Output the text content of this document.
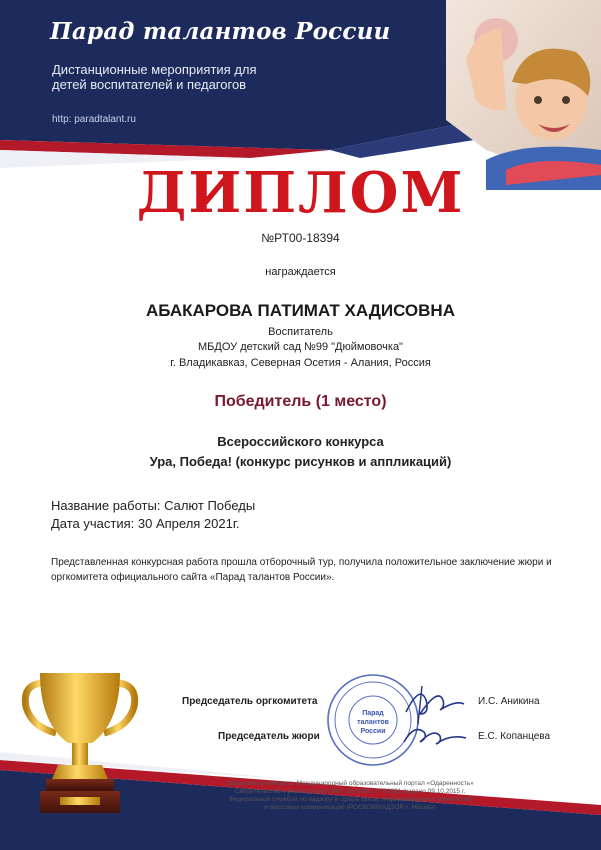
Парад талантов России
Дистанционные мероприятия для детей воспитателей и педагогов
http: paradtalant.ru
ДИПЛОМ
№РТ00-18394
награждается
АБАКАРОВА ПАТИМАТ ХАДИСОВНА
Воспитатель
МБДОУ детский сад №99 "Дюймовочка"
г. Владикавказ, Северная Осетия - Алания, Россия
Победитель (1 место)
Всероссийского конкурса
Ура, Победа! (конкурс рисунков и аппликаций)
Название работы: Салют Победы
Дата участия: 30 Апреля 2021г.
Представленная конкурсная работа прошла отборочный тур, получила положительное заключение жюри и оргкомитета официального сайта «Парад талантов России».
Председатель оргкомитета	И.С. Аникина
Председатель жюри	Е.С. Копанцева
Парад
талантов
России
Организатор конкурса: Международный образовательный портал «Одаренность»
Свидетельство о регистрации СМИ: Эл №ФС 77-63331 выдано 09.10.2015 г.
Федеральной службой по надзору в сфере связи, информационных технологий
и массовых коммуникаций (РОСКОМНАДЗОР, г. Москва)
